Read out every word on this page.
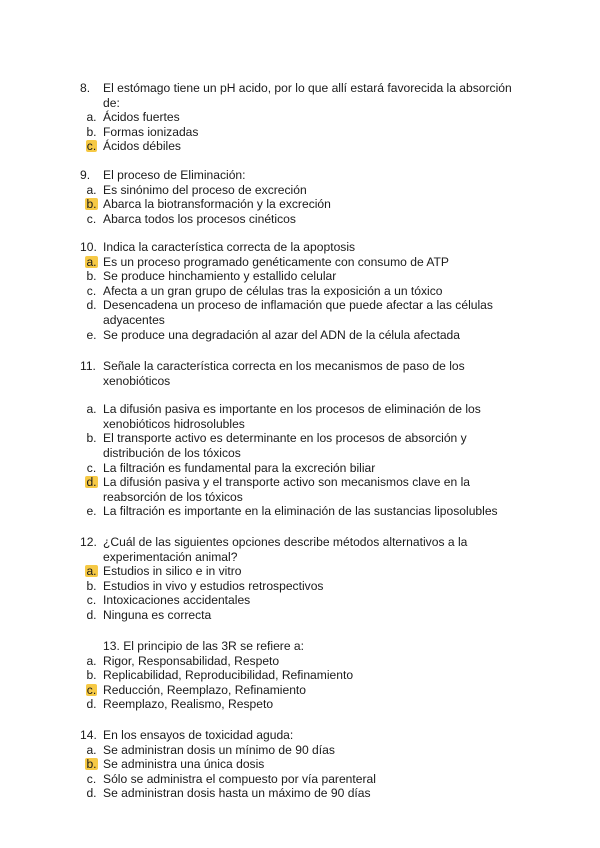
8.	El estómago tiene un pH acido, por lo que allí estará favorecida la absorción de:
a. Ácidos fuertes
b. Formas ionizadas
c. Ácidos débiles
9.	El proceso de Eliminación:
a. Es sinónimo del proceso de excreción
b. Abarca la biotransformación y la excreción
c. Abarca todos los procesos cinéticos
10. Indica la característica correcta de la apoptosis
a. Es un proceso programado genéticamente con consumo de ATP
b. Se produce hinchamiento y estallido celular
c. Afecta a un gran grupo de células tras la exposición a un tóxico
d. Desencadena un proceso de inflamación que puede afectar a las células adyacentes
e. Se produce una degradación al azar del ADN de la célula afectada
11. Señale la característica correcta en los mecanismos de paso de los xenobióticos
a. La difusión pasiva es importante en los procesos de eliminación de los xenobióticos hidrosolubles
b. El transporte activo es determinante en los procesos de absorción y distribución de los tóxicos
c. La filtración es fundamental para la excreción biliar
d. La difusión pasiva y el transporte activo son mecanismos clave en la reabsorción de los tóxicos
e. La filtración es importante en la eliminación de las sustancias liposolubles
12. ¿Cuál de las siguientes opciones describe métodos alternativos a la experimentación animal?
a. Estudios in silico e in vitro
b. Estudios in vivo y estudios retrospectivos
c. Intoxicaciones accidentales
d. Ninguna es correcta
13.
El principio de las 3R se refiere a:
a. Rigor, Responsabilidad, Respeto
b. Replicabilidad, Reproducibilidad, Refinamiento
c. Reducción, Reemplazo, Refinamiento
d. Reemplazo, Realismo, Respeto
14. En los ensayos de toxicidad aguda:
a. Se administran dosis un mínimo de 90 días
b. Se administra una única dosis
c. Sólo se administra el compuesto por vía parenteral
d. Se administran dosis hasta un máximo de 90 días
